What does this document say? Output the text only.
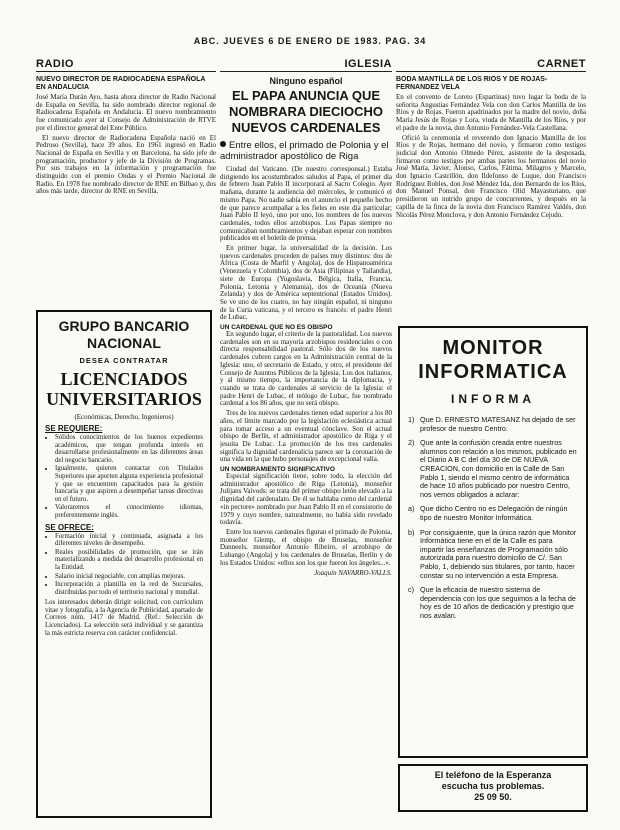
ABC. JUEVES 6 DE ENERO DE 1983. PAG. 34
RADIO
NUEVO DIRECTOR DE RADIOCADENA ESPAÑOLA EN ANDALUCIA

José María Durán Ayo, hasta ahora director de Radio Nacional de España en Sevilla, ha sido nombrado director regional de Radiocadena Española en Andalucía. El nuevo nombramiento fue comunicado ayer al Consejo de Administración de RTVE por el director general del Ente Público.

El nuevo director de Radiocadena Española nació en El Pedroso (Sevilla), hace 39 años. En 1961 ingresó en Radio Nacional de España en Sevilla y en Barcelona, ha sido jefe de programación, productor y jefe de la División de Programas. Por sus trabajos en la información y programación fue distinguido con el premio Ondas y el Premio Nacional de Radio. En 1978 fue nombrado director de RNE en Bilbao y, dos años más tarde, director de RNE en Sevilla.

GRUPO BANCARIO NACIONAL
DESEA CONTRATAR
LICENCIADOS UNIVERSITARIOS
(Económicas, Derecho, Ingenieros)
SE REQUIERE:
• Sólidos conocimientos de los buenos expedientes académicos, que tengan profunda interés en desarrollarse profesionalmente en las diferentes áreas del negocio bancario.
• Igualmente, quieren contactar con Titulados Superiores que aporten alguna experiencia profesional y que se encuentren capacitados para la gestión bancaria y que aspiren a desempeñar tareas directivas en el futuro.
• Valoraremos el conocimiento idiomas, preferentemente inglés.
SE OFRECE:
• Formación inicial y continuada, asignada a los diferentes niveles de desempeño.
• Reales posibilidades de promoción, que se irán materializando a medida del desarrollo profesional en la Entidad.
• Salario inicial negociable, con amplias mejoras.
• Incorporación a plantilla en la red de Sucursales, distribuidas por todo el territorio nacional y mundial.
Los interesados deberán dirigir solicitud, con currículum vitae y fotografía, a la Agencia de Publicidad, apartado de Correos núm. 1417 de Madrid. (Ref.: Selección de Licenciados). La selección será individual y se garantiza la más estricta reserva con carácter confidencial.
IGLESIA
Ninguno español
EL PAPA ANUNCIA QUE NOMBRARA DIECIOCHO NUEVOS CARDENALES
Entre ellos, el primado de Polonia y el administrador apostólico de Riga

Ciudad del Vaticano. (De nuestro corresponsal.) Estaba dirigiendo los acostumbrados saludos al Papa, el primer día de febrero Juan Pablo II incorporará al Sacro Colegio. Ayer mañana, durante la audiencia del miércoles, le comunicó el mismo Papa. No nadie sabía en el anuncio el pequeño hecho de que parece acompañar a los fieles en este día particular; Juan Pablo II leyó, uno por uno, los nombres de los nuevos cardenales, todos ellos arzobispos. Los Papas siempre no comunicaban nombramientos y dejaban esperar con nombres publicados en el boletín de prensa.

En primer lugar, la universalidad de la decisión. Los nuevos cardenales proceden de países muy distintos: dos de África (Costa de Marfil y Angola), dos de Hispanoamérica (Venezuela y Colombia), dos de Asia (Filipinas y Tailandia), siete de Europa (Yugoslavia, Bélgica, Italia, Francia, Polonia, Letonia y Alemania), dos de Oceanía (Nueva Zelanda) y dos de América septentrional (Estados Unidos). Se ve uno de los cuatro, no hay ningún español, ni ninguno de la Curia vaticana, y el tercero es francés: el padre Henri de Lubac.

UN CARDENAL QUE NO ES OBISPO

En segundo lugar, el criterio de la pastoralidad. Los nuevos cardenales son en su mayoría arzobispos residenciales o con directa responsabilidad pastoral. Sólo dos de los nuevos cardenales cubren cargos en la Administración central de la Iglesia: uno, el secretario de Estado, y otro, el presidente del Consejo de Asuntos Públicos de la Iglesia. Los dos italianos, y al mismo tiempo, la importancia de la diplomacia, y cuando se trata de cardenales al servicio de la Iglesia: el padre Henri de Lubac, el teólogo de Lubac, fue nombrado cardenal a los 86 años, que no será obispo.

Tres de los nuevos cardenales tienen edad superior a los 80 años, el límite marcado por la legislación eclesiástica actual para tomar acceso a un eventual cónclave. Son el actual obispo de Berlín, el administrador apostólico de Riga y el jesuita De Lubac. La promoción de los tres cardenales significa la dignidad cardenalicia parece ser la coronación de una vida en la que hubo personajes de excepcional valía.

UN NOMBRAMIENTO SIGNIFICATIVO

Especial significación tiene, sobre todo, la elección del administrador apostólico de Riga (Letonia), monseñor Julijans Vaivods: se trata del primer obispo letón elevado a la dignidad del cardenalato. De él se hablaba como del cardenal «in pectore» nombrado por Juan Pablo II en el consistorio de 1979 y cuyo nombre, naturalmente, no había sido revelado todavía.

Entre los nuevos cardenales figuran el primado de Polonia, monseñor Glemp, el obispo de Bruselas, monseñor Danneels, monseñor Antonio Ribeiro, el arzobispo de Lubango (Angola) y los cardenales de Bruselas, Berlín y de los Estados Unidos: «ellos son los que fueron los ángeles...».

Joaquín NAVARRO-VALLS.
CARNET
BODA MANTILLA DE LOS RIOS Y DE ROJAS-FERNANDEZ VELA

En el convento de Loreto (Espartinas) tuvo lugar la boda de la señorita Angustias Fernández Vela con don Carlos Mantilla de los Ríos y de Rojas. Fueron apadrinados por la madre del novio, doña María Jesús de Rojas y Lora, viuda de Mantilla de los Ríos, y por el padre de la novia, don Antonio Fernández-Vela Castellana.

Ofició la ceremonia el reverendo don Ignacio Mantilla de los Ríos y de Rojas, hermano del novio, y firmaron como testigos judicial don Antonio Olmedo Pérez, asistente de la desposada, firmaron como testigos por ambas partes los hermanos del novio José María, Javier, Alonso, Carlos, Fátima, Milagros y Marcelo, don Ignacio Castrillón, don Ildefonso de Luque, don Francisco Rodríguez Robles, don José Méndez Ida, don Bernardo de los Ríos, don Manuel Ponsal, don Francisco Olid Mayasturiano, que presidieron un nutrido grupo de concurrentes, y después en la capilla de la finca de la novia don Francisco Ramírez Valdés, don Nicolás Pérez Monclova, y don Antonio Fernández Cejudo.

MONITOR INFORMATICA
INFORMA
1) Que D. ERNESTO MATESANZ ha dejado de ser profesor de nuestro Centro.
2) Que ante la confusión creada entre nuestros alumnos con relación a los mismos, publicado en el Diario A B C del día 30 de DE NUEVA CREACION, con domicilio en la Calle de San Pablo 1, siendo el mismo centro de informática de hace 10 años publicado por nuestro Centro, nos vemos obligados a aclarar:
a) Que dicho Centro no es Delegación de ningún tipo de nuestro Monitor Informática.
b) Por consiguiente, que la única razón que Monitor Informática tiene en el de la Calle es para impartir las enseñanzas de Programación sólo autorizada para nuestro domicilio de C/. San Pablo, 1, debiendo sus titulares, por tanto, hacer constar su no intervención a esta Empresa.
c) Que la eficacia de nuestro sistema de dependencia con los que seguimos a la fecha de hoy es de 10 años de dedicación y prestigio que nos avalan.
El teléfono de la Esperanza
escucha tus problemas.
25 09 50.
